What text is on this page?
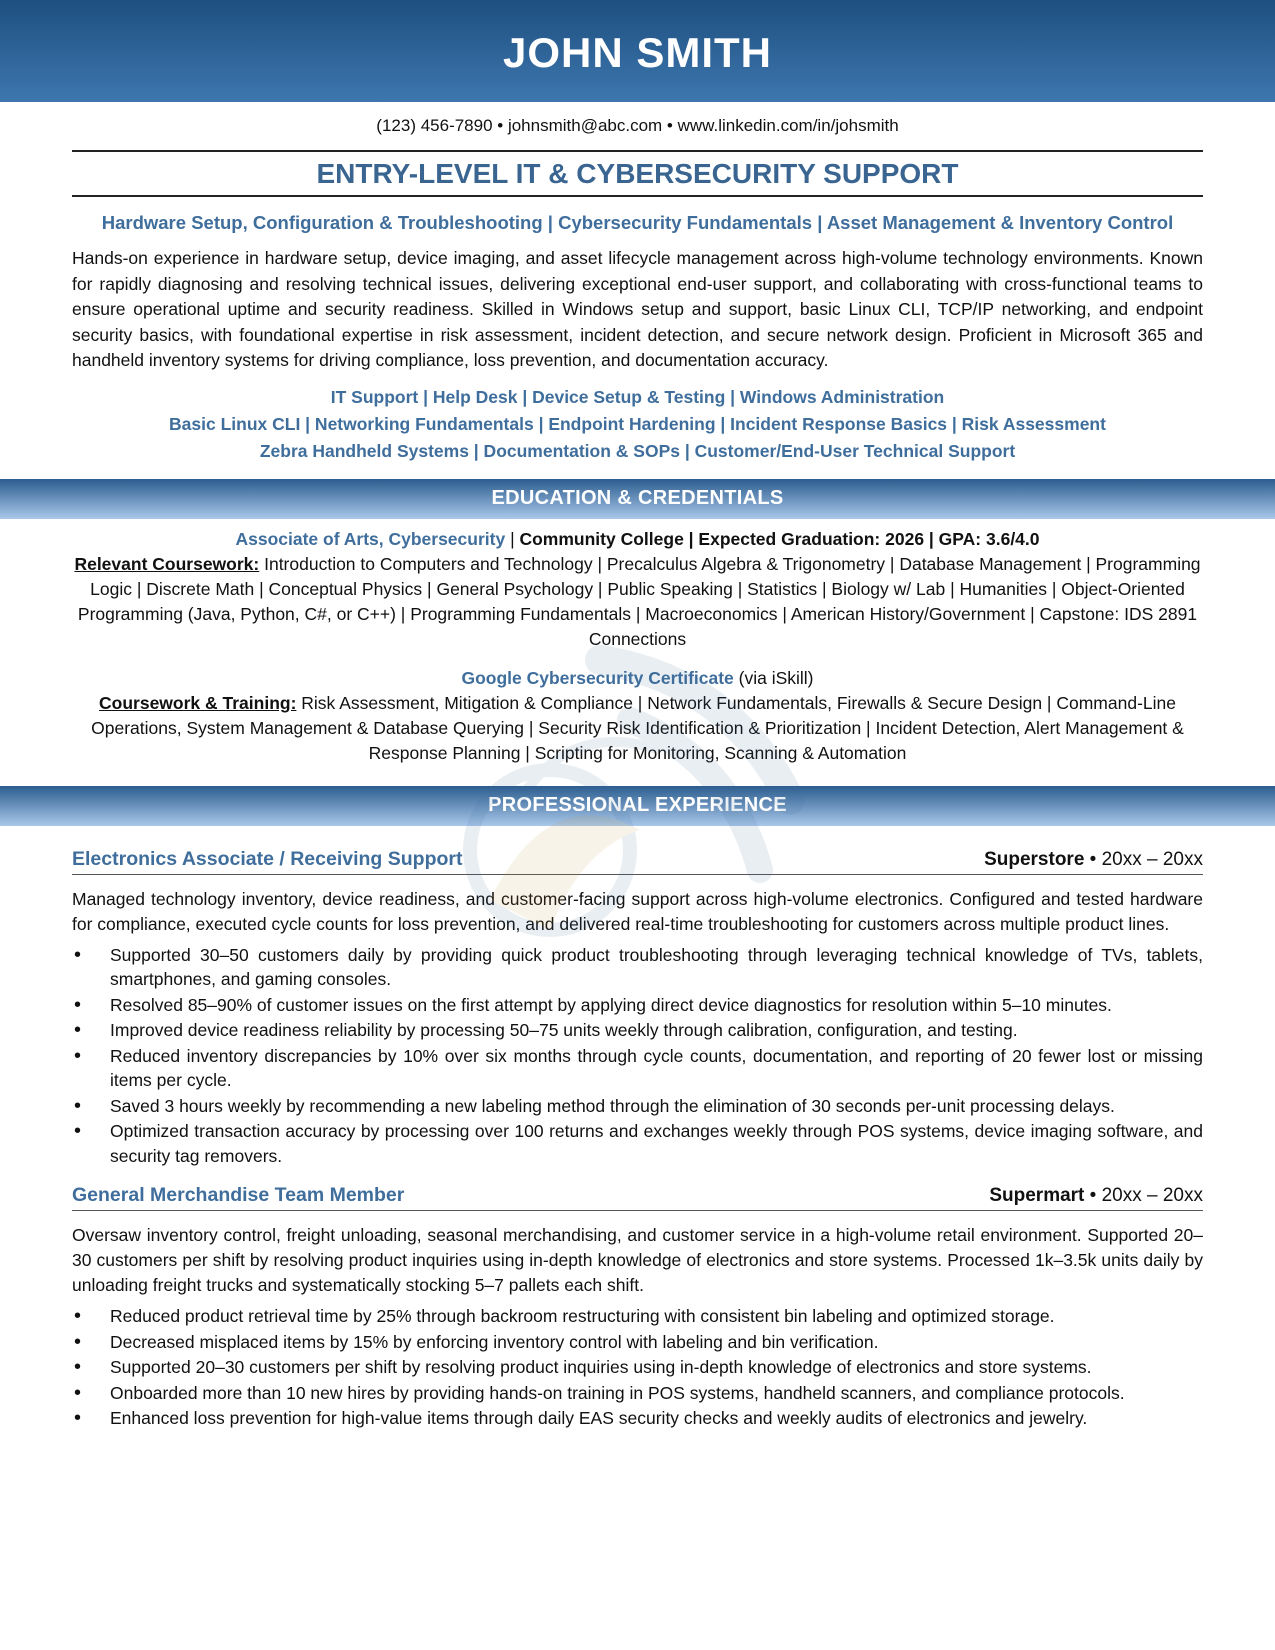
JOHN SMITH
(123) 456-7890 • johnsmith@abc.com • www.linkedin.com/in/johsmith
ENTRY-LEVEL IT & CYBERSECURITY SUPPORT
Hardware Setup, Configuration & Troubleshooting | Cybersecurity Fundamentals | Asset Management & Inventory Control
Hands-on experience in hardware setup, device imaging, and asset lifecycle management across high-volume technology environments. Known for rapidly diagnosing and resolving technical issues, delivering exceptional end-user support, and collaborating with cross-functional teams to ensure operational uptime and security readiness. Skilled in Windows setup and support, basic Linux CLI, TCP/IP networking, and endpoint security basics, with foundational expertise in risk assessment, incident detection, and secure network design. Proficient in Microsoft 365 and handheld inventory systems for driving compliance, loss prevention, and documentation accuracy.
IT Support | Help Desk | Device Setup & Testing | Windows Administration
Basic Linux CLI | Networking Fundamentals | Endpoint Hardening | Incident Response Basics | Risk Assessment
Zebra Handheld Systems | Documentation & SOPs | Customer/End-User Technical Support
EDUCATION & CREDENTIALS
Associate of Arts, Cybersecurity | Community College | Expected Graduation: 2026 | GPA: 3.6/4.0
Relevant Coursework: Introduction to Computers and Technology | Precalculus Algebra & Trigonometry | Database Management | Programming Logic | Discrete Math | Conceptual Physics | General Psychology | Public Speaking | Statistics | Biology w/ Lab | Humanities | Object-Oriented Programming (Java, Python, C#, or C++) | Programming Fundamentals | Macroeconomics | American History/Government | Capstone: IDS 2891 Connections
Google Cybersecurity Certificate (via iSkill)
Coursework & Training: Risk Assessment, Mitigation & Compliance | Network Fundamentals, Firewalls & Secure Design | Command-Line Operations, System Management & Database Querying | Security Risk Identification & Prioritization | Incident Detection, Alert Management & Response Planning | Scripting for Monitoring, Scanning & Automation
PROFESSIONAL EXPERIENCE
Electronics Associate / Receiving Support	Superstore • 20xx – 20xx
Managed technology inventory, device readiness, and customer-facing support across high-volume electronics. Configured and tested hardware for compliance, executed cycle counts for loss prevention, and delivered real-time troubleshooting for customers across multiple product lines.
• Supported 30–50 customers daily by providing quick product troubleshooting through leveraging technical knowledge of TVs, tablets, smartphones, and gaming consoles.
• Resolved 85–90% of customer issues on the first attempt by applying direct device diagnostics for resolution within 5–10 minutes.
• Improved device readiness reliability by processing 50–75 units weekly through calibration, configuration, and testing.
• Reduced inventory discrepancies by 10% over six months through cycle counts, documentation, and reporting of 20 fewer lost or missing items per cycle.
• Saved 3 hours weekly by recommending a new labeling method through the elimination of 30 seconds per-unit processing delays.
• Optimized transaction accuracy by processing over 100 returns and exchanges weekly through POS systems, device imaging software, and security tag removers.
General Merchandise Team Member	Supermart • 20xx – 20xx
Oversaw inventory control, freight unloading, seasonal merchandising, and customer service in a high-volume retail environment. Supported 20–30 customers per shift by resolving product inquiries using in-depth knowledge of electronics and store systems. Processed 1k–3.5k units daily by unloading freight trucks and systematically stocking 5–7 pallets each shift.
• Reduced product retrieval time by 25% through backroom restructuring with consistent bin labeling and optimized storage.
• Decreased misplaced items by 15% by enforcing inventory control with labeling and bin verification.
• Supported 20–30 customers per shift by resolving product inquiries using in-depth knowledge of electronics and store systems.
• Onboarded more than 10 new hires by providing hands-on training in POS systems, handheld scanners, and compliance protocols.
• Enhanced loss prevention for high-value items through daily EAS security checks and weekly audits of electronics and jewelry.
